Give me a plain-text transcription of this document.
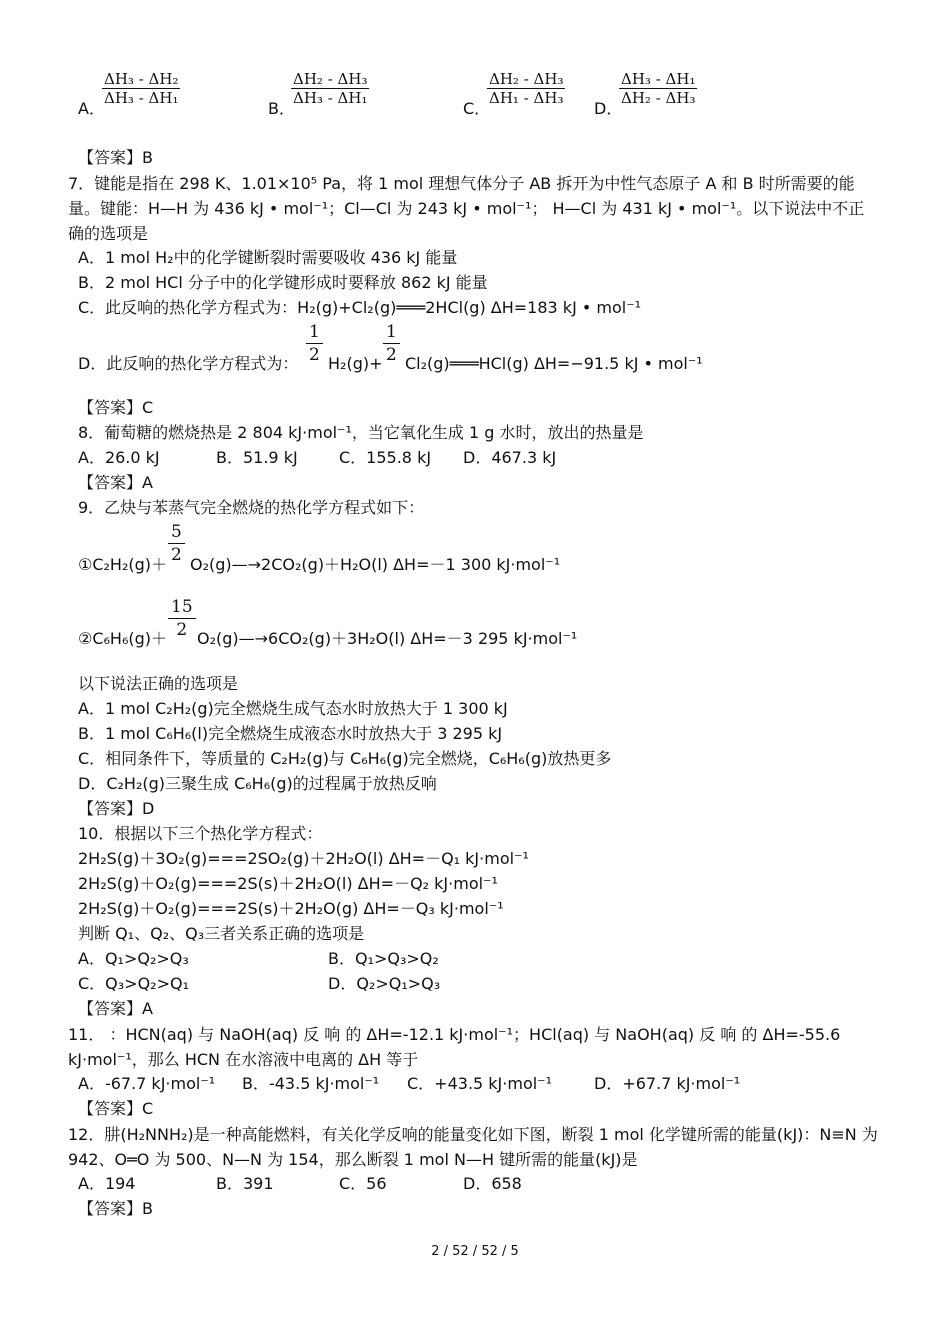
A．
$\frac{\text{ΔH₃ - ΔH₂}}{\text{ΔH₃ - ΔH₁}}$
B．
$\frac{\text{ΔH₂ - ΔH₃}}{\text{ΔH₃ - ΔH₁}}$
C．
$\frac{\text{ΔH₂ - ΔH₃}}{\text{ΔH₁ - ΔH₃}}$
D．
$\frac{\text{ΔH₃ - ΔH₁}}{\text{ΔH₂ - ΔH₃}}$
【答案】B
7．键能是指在 298 K、1.01×10⁵ Pa，将 1 mol 理想气体分子 AB 拆开为中性气态原子 A 和 B 时所需要的能量。键能：H—H 为 436 kJ • mol⁻¹；Cl—Cl 为 243 kJ • mol⁻¹； H—Cl 为 431 kJ • mol⁻¹。以下说法中不正确的选项是
A．1 mol H₂中的化学键断裂时需要吸收 436 kJ 能量
B．2 mol HCl 分子中的化学键形成时要释放 862 kJ 能量
C．此反响的热化学方程式为：H₂(g)+Cl₂(g)═══2HCl(g) ΔH=183 kJ • mol⁻¹
D．此反响的热化学方程式为： $\frac{1}{2} H_2(g)+ \frac{1}{2}$ Cl₂(g)═══HCl(g) ΔH=−91.5 kJ • mol⁻¹
【答案】C
8．葡萄糖的燃烧热是 2 804 kJ·mol⁻¹，当它氧化生成 1 g 水时，放出的热量是
A．26.0 kJ	B．51.9 kJ	C．155.8 kJ D．467.3 kJ
【答案】A
9．乙炔与苯蒸气完全燃烧的热化学方程式如下：
①C₂H₂(g)＋ $\frac{5}{2}$ O₂(g)—→2CO₂(g)＋H₂O(l) ΔH=－1 300 kJ·mol⁻¹
②C₆H₆(g)＋ $\frac{15}{2}$ O₂(g)—→6CO₂(g)＋3H₂O(l) ΔH=－3 295 kJ·mol⁻¹
以下说法正确的选项是
A．1 mol C₂H₂(g)完全燃烧生成气态水时放热大于 1 300 kJ
B．1 mol C₆H₆(l)完全燃烧生成液态水时放热大于 3 295 kJ
C．相同条件下，等质量的 C₂H₂(g)与 C₆H₆(g)完全燃烧，C₆H₆(g)放热更多
D．C₂H₂(g)三聚生成 C₆H₆(g)的过程属于放热反响
【答案】D
10．根据以下三个热化学方程式：
2H₂S(g)＋3O₂(g)===2SO₂(g)＋2H₂O(l) ΔH=－Q₁ kJ·mol⁻¹
2H₂S(g)＋O₂(g)===2S(s)＋2H₂O(l) ΔH=－Q₂ kJ·mol⁻¹
2H₂S(g)＋O₂(g)===2S(s)＋2H₂O(g) ΔH=－Q₃ kJ·mol⁻¹
判断 Q₁、Q₂、Q₃三者关系正确的选项是
A．Q₁>Q₂>Q₃	B．Q₁>Q₃>Q₂
C．Q₃>Q₂>Q₁	D．Q₂>Q₁>Q₃
【答案】A
11． ：HCN(aq) 与 NaOH(aq) 反 响 的 ΔH=-12.1 kJ·mol⁻¹；HCl(aq) 与 NaOH(aq) 反 响 的 ΔH=-55.6 kJ·mol⁻¹，那么 HCN 在水溶液中电离的 ΔH 等于
A．-67.7 kJ·mol⁻¹ B．-43.5 kJ·mol⁻¹ C．+43.5 kJ·mol⁻¹	D．+67.7 kJ·mol⁻¹
【答案】C
12．肼(H₂NNH₂)是一种高能燃料，有关化学反响的能量变化如下图，断裂 1 mol 化学键所需的能量(kJ)：N≡N 为 942、O═O 为 500、N—N 为 154，那么断裂 1 mol N—H 键所需的能量(kJ)是
A．194	B．391	C．56	D．658
【答案】B
2 / 52 / 52 / 5
